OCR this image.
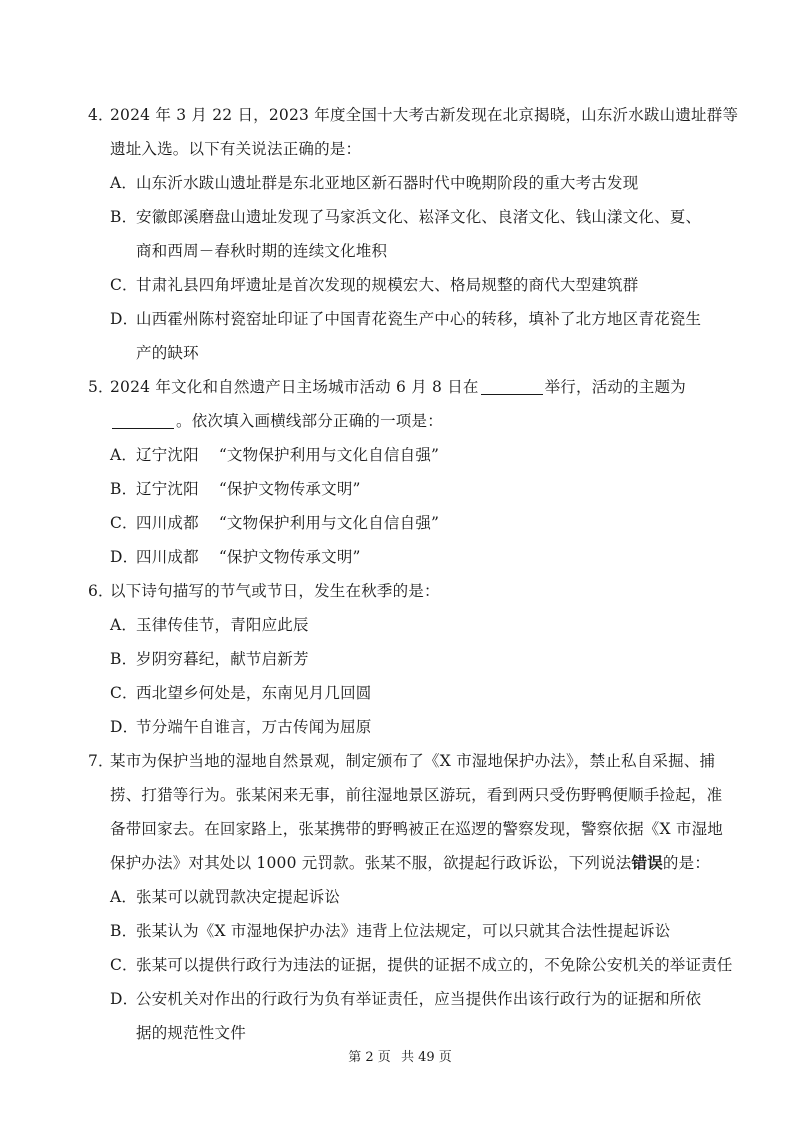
4．
2024 年 3 月 22 日，2023 年度全国十大考古新发现在北京揭晓，山东沂水跋山遗址群等
遗址入选。以下有关说法正确的是：
A．
山东沂水跋山遗址群是东北亚地区新石器时代中晚期阶段的重大考古发现
B．
安徽郎溪磨盘山遗址发现了马家浜文化、崧泽文化、良渚文化、钱山漾文化、夏、
商和西周－春秋时期的连续文化堆积
C．
甘肃礼县四角坪遗址是首次发现的规模宏大、格局规整的商代大型建筑群
D．
山西霍州陈村瓷窑址印证了中国青花瓷生产中心的转移，填补了北方地区青花瓷生
产的缺环
5．
2024 年文化和自然遗产日主场城市活动 6 月 8 日在	举行，活动的主题为
。依次填入画横线部分正确的一项是：
A．
辽宁沈阳 “文物保护利用与文化自信自强”
B．
辽宁沈阳 “保护文物传承文明”
C．
四川成都 “文物保护利用与文化自信自强”
D．
四川成都 “保护文物传承文明”
6．
以下诗句描写的节气或节日，发生在秋季的是：
A．
玉律传佳节，青阳应此辰
B．
岁阴穷暮纪，献节启新芳
C．
西北望乡何处是，东南见月几回圆
D．
节分端午自谁言，万古传闻为屈原
7．
某市为保护当地的湿地自然景观，制定颁布了《X 市湿地保护办法》，禁止私自采掘、捕
捞、打猎等行为。张某闲来无事，前往湿地景区游玩，看到两只受伤野鸭便顺手捡起，准
备带回家去。在回家路上，张某携带的野鸭被正在巡逻的警察发现，警察依据《X 市湿地
保护办法》对其处以 1000 元罚款。张某不服，欲提起行政诉讼，下列说法 错误 的是：
A．
张某可以就罚款决定提起诉讼
B．
张某认为《X 市湿地保护办法》违背上位法规定，可以只就其合法性提起诉讼
C．
张某可以提供行政行为违法的证据，提供的证据不成立的，不免除公安机关的举证责任
D．
公安机关对作出的行政行为负有举证责任，应当提供作出该行政行为的证据和所依
据的规范性文件
第 2 页 共 49 页
